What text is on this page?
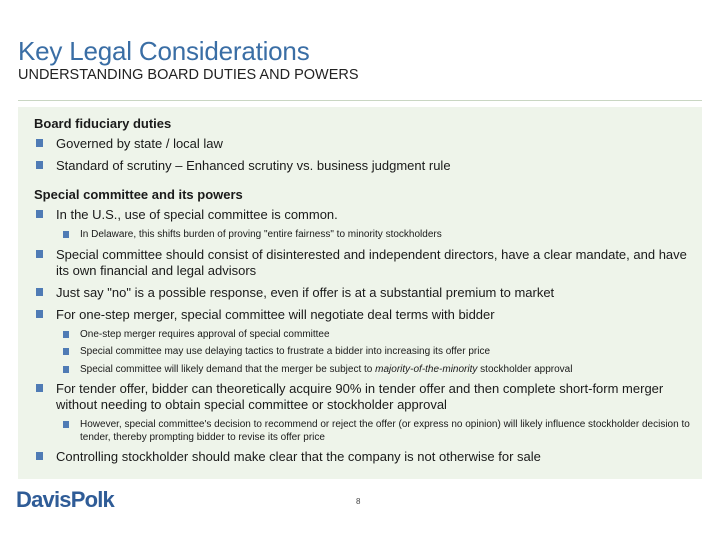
Key Legal Considerations
UNDERSTANDING BOARD DUTIES AND POWERS
Board fiduciary duties
Governed by state / local law
Standard of scrutiny – Enhanced scrutiny vs. business judgment rule
Special committee and its powers
In the U.S., use of special committee is common.
In Delaware, this shifts burden of proving "entire fairness" to minority stockholders
Special committee should consist of disinterested and independent directors, have a clear mandate, and have its own financial and legal advisors
Just say "no" is a possible response, even if offer is at a substantial premium to market
For one-step merger, special committee will negotiate deal terms with bidder
One-step merger requires approval of special committee
Special committee may use delaying tactics to frustrate a bidder into increasing its offer price
Special committee will likely demand that the merger be subject to majority-of-the-minority stockholder approval
For tender offer, bidder can theoretically acquire 90% in tender offer and then complete short-form merger without needing to obtain special committee or stockholder approval
However, special committee's decision to recommend or reject the offer (or express no opinion) will likely influence stockholder decision to tender, thereby prompting bidder to revise its offer price
Controlling stockholder should make clear that the company is not otherwise for sale
DavisPolk	8
